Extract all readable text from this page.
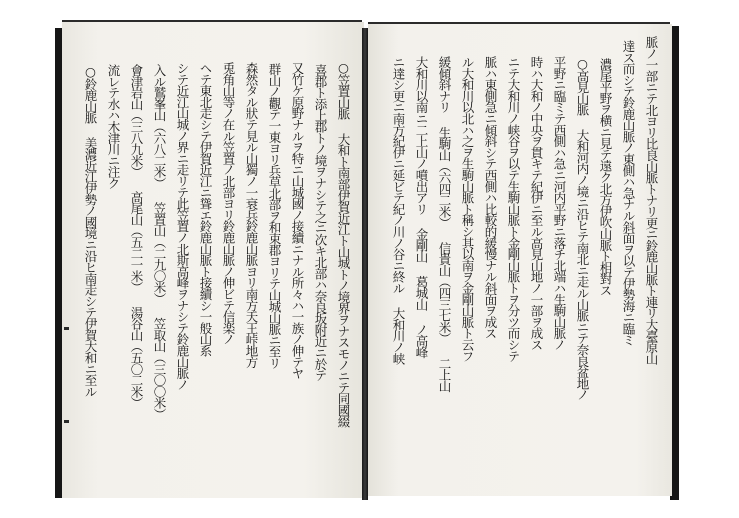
○笠置山脈 大和ト南部伊賀近江ト山城トノ境界ヲナスモノニテ同國綴
喜郡ト添上郡トノ境ヲナシテ之ニ次キ北部ハ奈良坂附近ニ於テ
又竹ケ原野ナルヲ特ニ山城國ノ接續ニナル所々ハ一族ノ伸テヤ
群山ノ觀テ一東ヨリ兵草北部ヲ和束郡ヨリテ山城山脈ニ至リ
森然タル狀テ見ル山獨ノ一衰兵鈴鹿山脈ヨリ南方天王峠地方
兎角山等ノ在ル笠置ノ北部ヨリ鈴鹿山脈ノ伸ビテ信楽ノ
ヘテ東北走シテ伊賀近江ニ聳エ鈴鹿山脈ト接續シ一般山系
シテ近江山城ノ界ニ走リテ此笠置ノ北斯高峰ヲナシテ鈴鹿山脈ノ
入ル鷲峯山（六八二米） 笠置山（二九〇米） 笠取山（三〇〇米）
會津岩山（三八九米） 高尾山（五二一米） 湯谷山（五〇二米）
流レテ水ハ木津川ニ注ク
○鈴鹿山脈 美濃近江伊勢ノ國境ニ沿ヒ南走シテ伊賀大和ニ至ル	脈ノ一部ニテ北ヨリ比良山脈トナリ更ニ鈴鹿山脈ト連リ大臺原山
達ス而シテ鈴鹿山脈ノ東側ハ急ナル斜面ヲ以テ伊勢海ニ臨ミ
濃尾平野ヲ横ニ見テ遠ク北方伊吹山脈ト相對ス
○高見山脈 大和河内ノ境ニ沿ヒテ南北ニ走ル山脈ニテ奈良盆地ノ
平野ニ臨ミテ西側ハ急ニ河内平野ニ落チ北端ハ生駒山脈ノ
時ハ大和ノ中央ヲ貫キテ紀伊ニ至ル高見山地ノ一部ヲ成ス
ニテ大和川ノ峡谷ヲ以テ生駒山脈ト金剛山脈トヲ分ツ而シテ
脈ハ東側急ニ傾斜シテ西側ハ比較的緩慢ナル斜面ヲ成ス
ル大和川以北ハ之ヲ生駒山脈ト稱シ其以南ヲ金剛山脈ト云フ
緩傾斜ナリ 生駒山（六四二米） 信貴山（四三七米） 二上山
大和川以南ニ二上山ノ噴出アリ 金剛山 葛城山 ノ高峰
ニ達シ更ニ南方紀伊ニ延ビテ紀ノ川ノ谷ニ終ル 大和川ノ峡
